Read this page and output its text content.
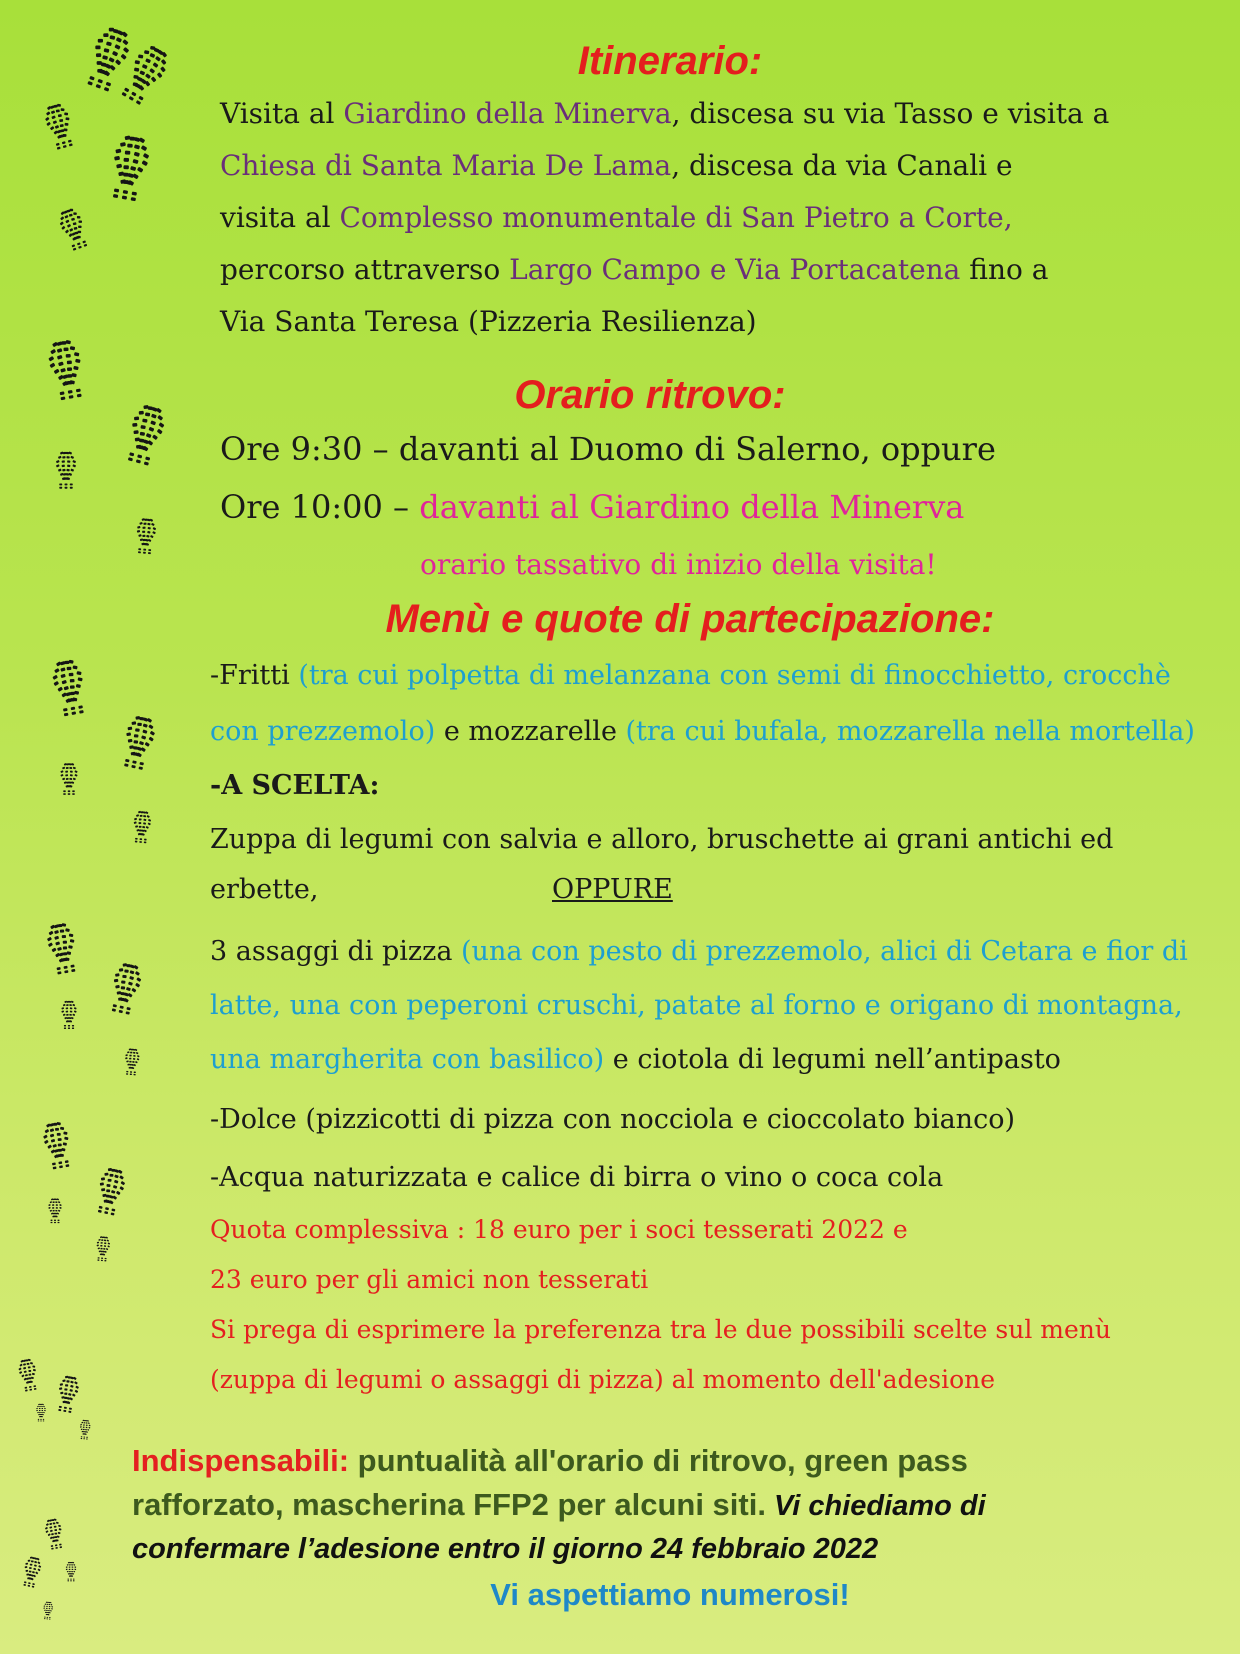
Itinerario:
Visita al Giardino della Minerva, discesa su via Tasso e visita a
Chiesa di Santa Maria De Lama, discesa da via Canali e
visita al Complesso monumentale di San Pietro a Corte,
percorso attraverso Largo Campo e Via Portacatena fino a
Via Santa Teresa (Pizzeria Resilienza)
Orario ritrovo:
Ore 9:30 – davanti al Duomo di Salerno, oppure
Ore 10:00 – davanti al Giardino della Minerva
orario tassativo di inizio della visita!
Menù e quote di partecipazione:
-Fritti (tra cui polpetta di melanzana con semi di finocchietto, crocchè
con prezzemolo) e mozzarelle (tra cui bufala, mozzarella nella mortella)
-A SCELTA:
Zuppa di legumi con salvia e alloro, bruschette ai grani antichi ed
erbette,	OPPURE
3 assaggi di pizza (una con pesto di prezzemolo, alici di Cetara e fior di
latte, una con peperoni cruschi, patate al forno e origano di montagna,
una margherita con basilico) e ciotola di legumi nell’antipasto
-Dolce (pizzicotti di pizza con nocciola e cioccolato bianco)
-Acqua naturizzata e calice di birra o vino o coca cola
Quota complessiva : 18 euro per i soci tesserati 2022 e
23 euro per gli amici non tesserati
Si prega di esprimere la preferenza tra le due possibili scelte sul menù
(zuppa di legumi o assaggi di pizza) al momento dell'adesione
Indispensabili: puntualità all'orario di ritrovo, green pass
rafforzato, mascherina FFP2 per alcuni siti. Vi chiediamo di
confermare l’adesione entro il giorno 24 febbraio 2022
Vi aspettiamo numerosi!
